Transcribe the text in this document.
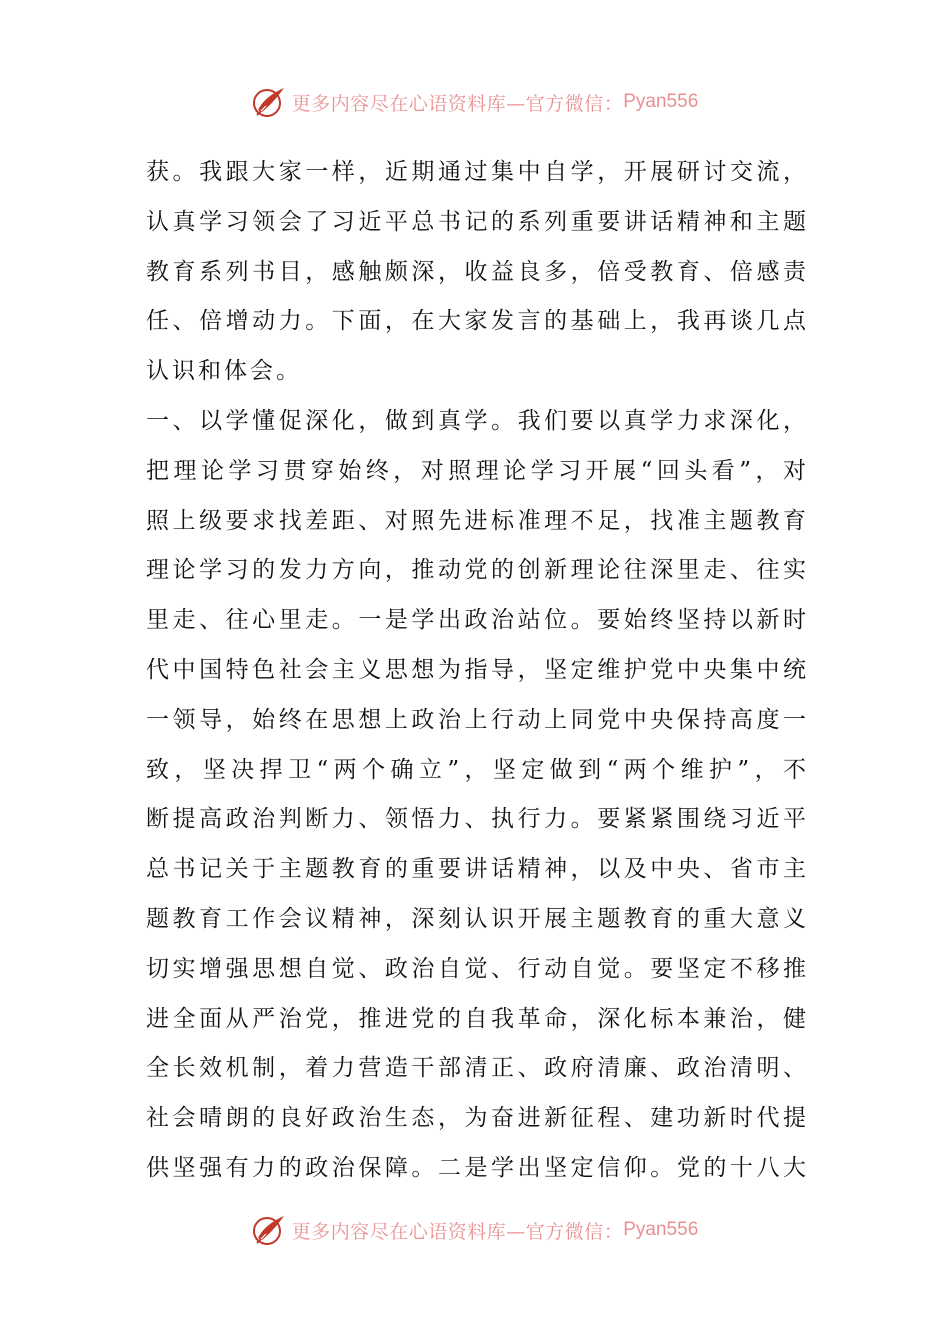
更多内容尽在心语资料库—官方微信： Pyan556
获。我跟大家一样，近期通过集中自学，开展研讨交流，
认真学习领会了习近平总书记的系列重要讲话精神和主题
教育系列书目，感触颇深，收益良多，倍受教育、倍感责
任、倍增动力。下面，在大家发言的基础上，我再谈几点
认识和体会。
一、以学懂促深化，做到真学。我们要以真学力求深化，
把理论学习贯穿始终，对照理论学习开展“回头看”，对
照上级要求找差距、对照先进标准理不足，找准主题教育
理论学习的发力方向，推动党的创新理论往深里走、往实
里走、往心里走。一是学出政治站位。要始终坚持以新时
代中国特色社会主义思想为指导，坚定维护党中央集中统
一领导，始终在思想上政治上行动上同党中央保持高度一
致，坚决捍卫“两个确立”，坚定做到“两个维护”，不
断提高政治判断力、领悟力、执行力。要紧紧围绕习近平
总书记关于主题教育的重要讲话精神，以及中央、省市主
题教育工作会议精神，深刻认识开展主题教育的重大意义
切实增强思想自觉、政治自觉、行动自觉。要坚定不移推
进全面从严治党，推进党的自我革命，深化标本兼治，健
全长效机制，着力营造干部清正、政府清廉、政治清明、
社会晴朗的良好政治生态，为奋进新征程、建功新时代提
供坚强有力的政治保障。二是学出坚定信仰。党的十八大
更多内容尽在心语资料库—官方微信： Pyan556
